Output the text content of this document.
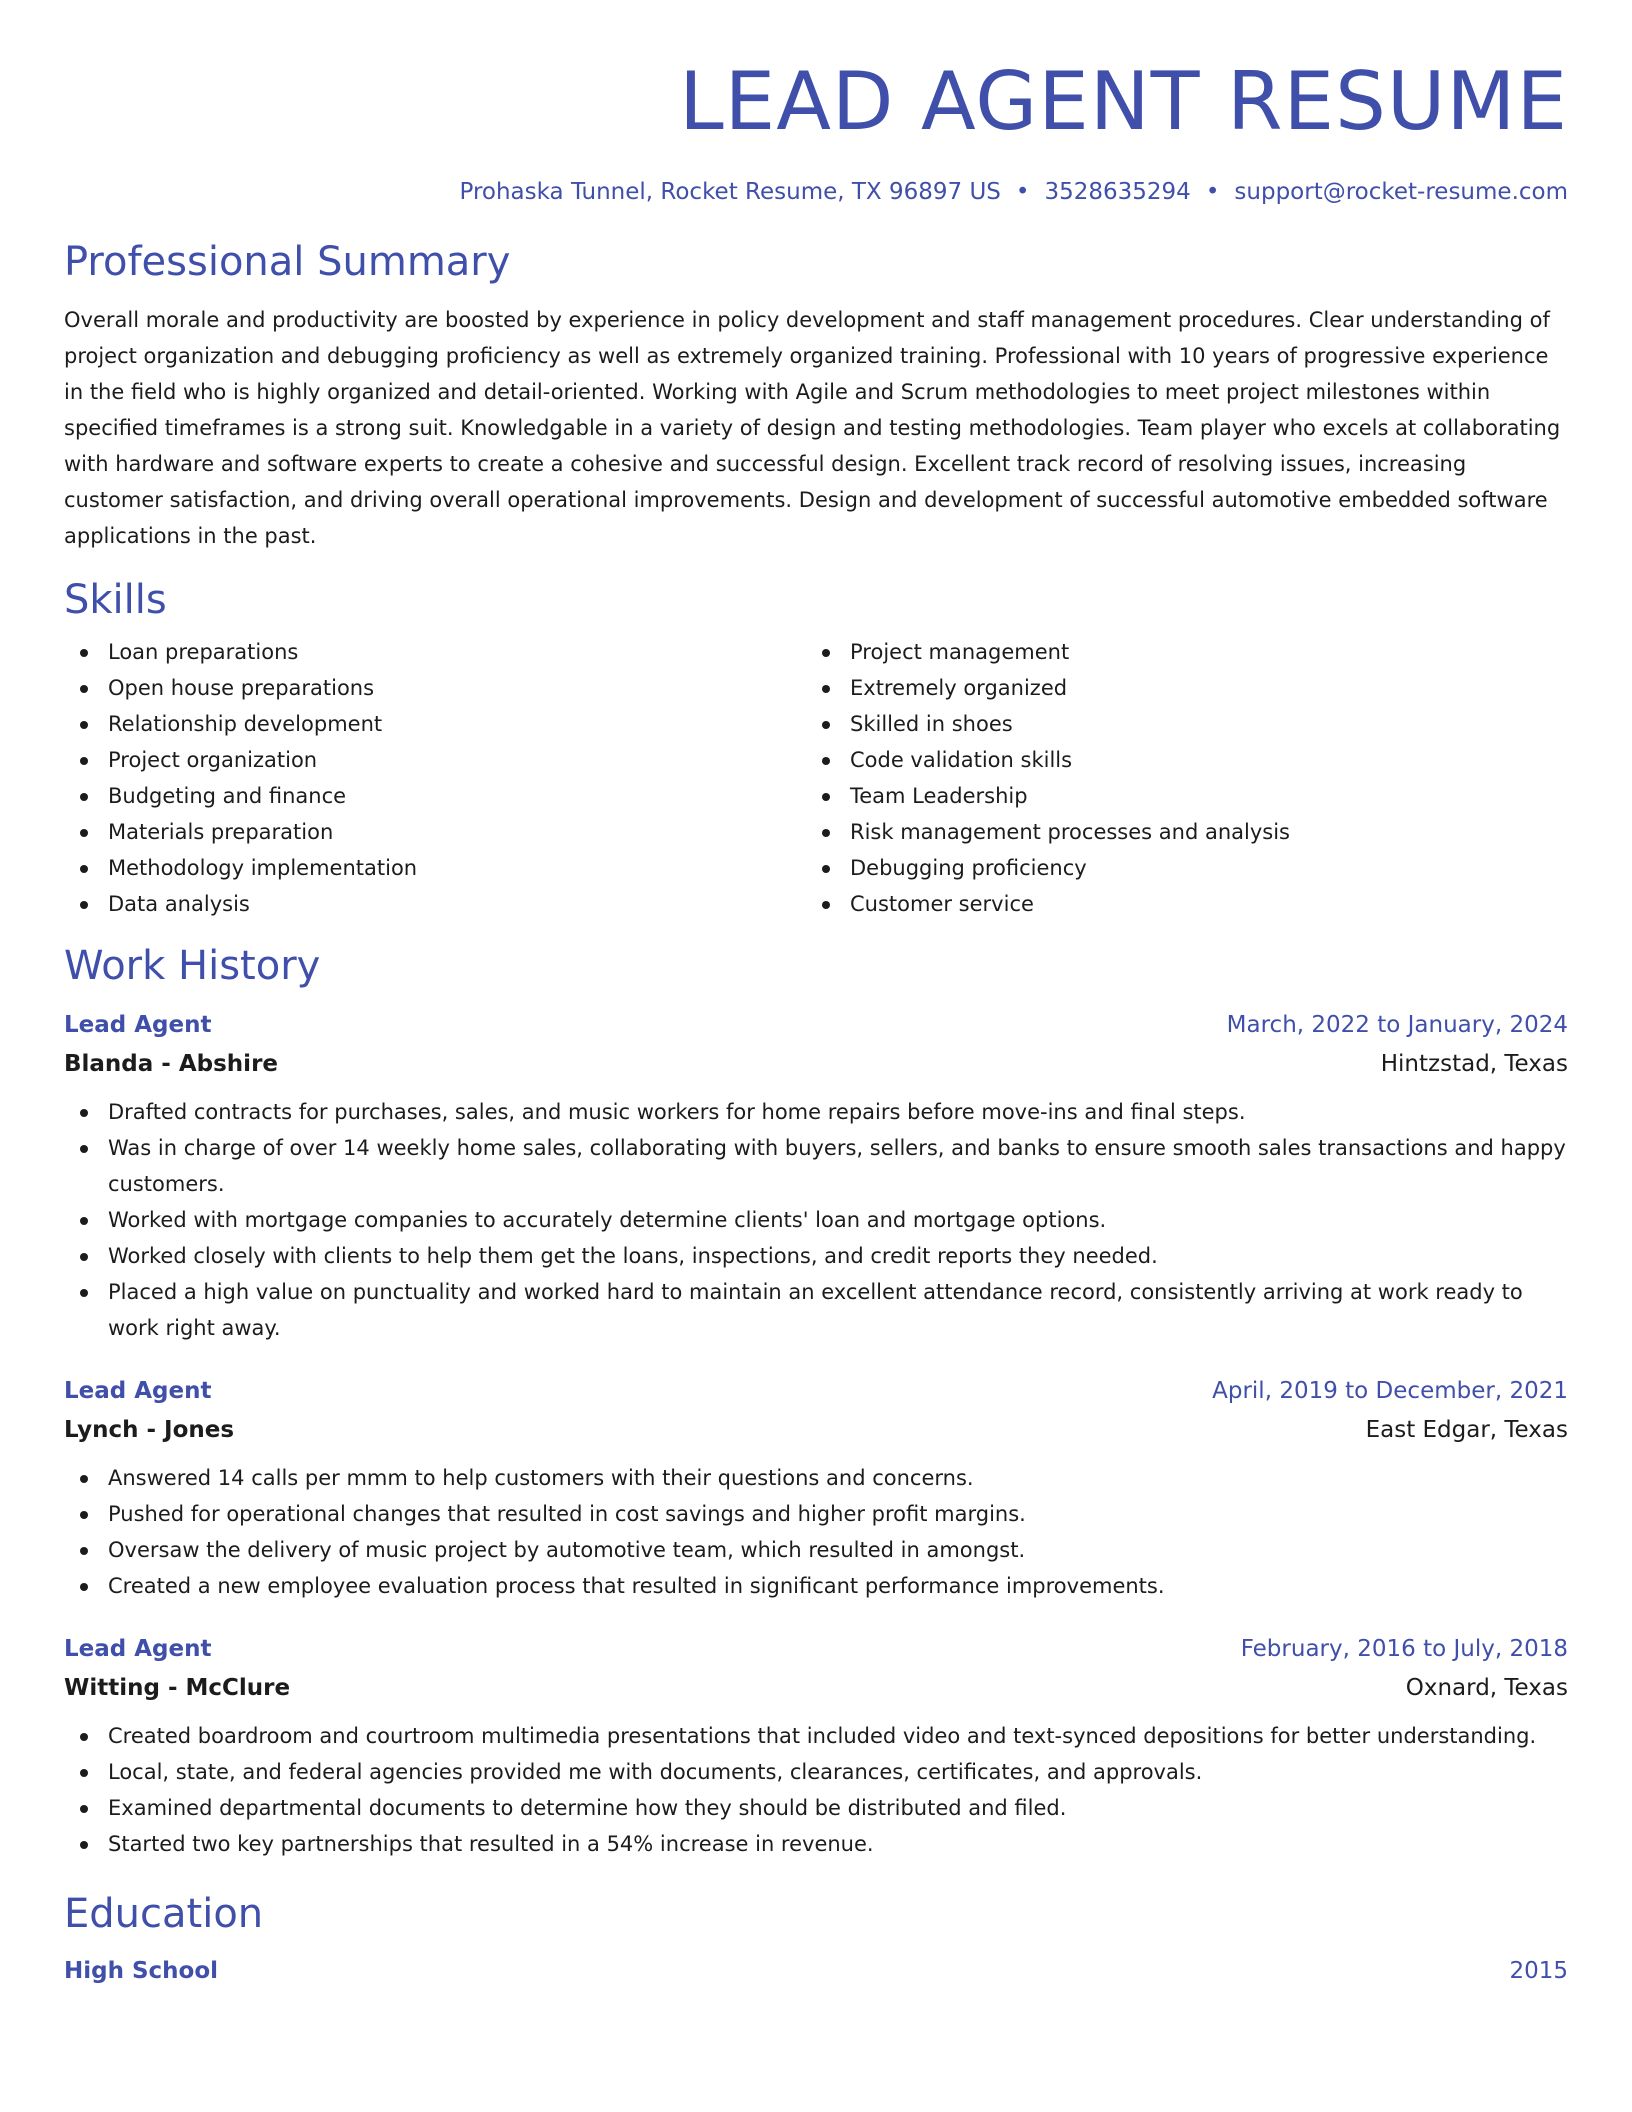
LEAD AGENT RESUME
Prohaska Tunnel, Rocket Resume, TX 96897 US • 3528635294 • support@rocket-resume.com
Professional Summary

Overall morale and productivity are boosted by experience in policy development and staff management procedures. Clear understanding of project organization and debugging proficiency as well as extremely organized training. Professional with 10 years of progressive experience in the field who is highly organized and detail-oriented. Working with Agile and Scrum methodologies to meet project milestones within specified timeframes is a strong suit. Knowledgable in a variety of design and testing methodologies. Team player who excels at collaborating with hardware and software experts to create a cohesive and successful design. Excellent track record of resolving issues, increasing customer satisfaction, and driving overall operational improvements. Design and development of successful automotive embedded software applications in the past.

Skills
Loan preparations
Open house preparations
Relationship development
Project organization
Budgeting and finance
Materials preparation
Methodology implementation
Data analysis
Project management
Extremely organized
Skilled in shoes
Code validation skills
Team Leadership
Risk management processes and analysis
Debugging proficiency
Customer service
Work History
Lead Agent	March, 2022 to January, 2024
Blanda - Abshire	Hintzstad, Texas
Drafted contracts for purchases, sales, and music workers for home repairs before move-ins and final steps.
Was in charge of over 14 weekly home sales, collaborating with buyers, sellers, and banks to ensure smooth sales transactions and happy customers.
Worked with mortgage companies to accurately determine clients' loan and mortgage options.
Worked closely with clients to help them get the loans, inspections, and credit reports they needed.
Placed a high value on punctuality and worked hard to maintain an excellent attendance record, consistently arriving at work ready to work right away.
Lead Agent	April, 2019 to December, 2021
Lynch - Jones	East Edgar, Texas
Answered 14 calls per mmm to help customers with their questions and concerns.
Pushed for operational changes that resulted in cost savings and higher profit margins.
Oversaw the delivery of music project by automotive team, which resulted in amongst.
Created a new employee evaluation process that resulted in significant performance improvements.
Lead Agent	February, 2016 to July, 2018
Witting - McClure	Oxnard, Texas
Created boardroom and courtroom multimedia presentations that included video and text-synced depositions for better understanding.
Local, state, and federal agencies provided me with documents, clearances, certificates, and approvals.
Examined departmental documents to determine how they should be distributed and filed.
Started two key partnerships that resulted in a 54% increase in revenue.
Education
High School	2015
